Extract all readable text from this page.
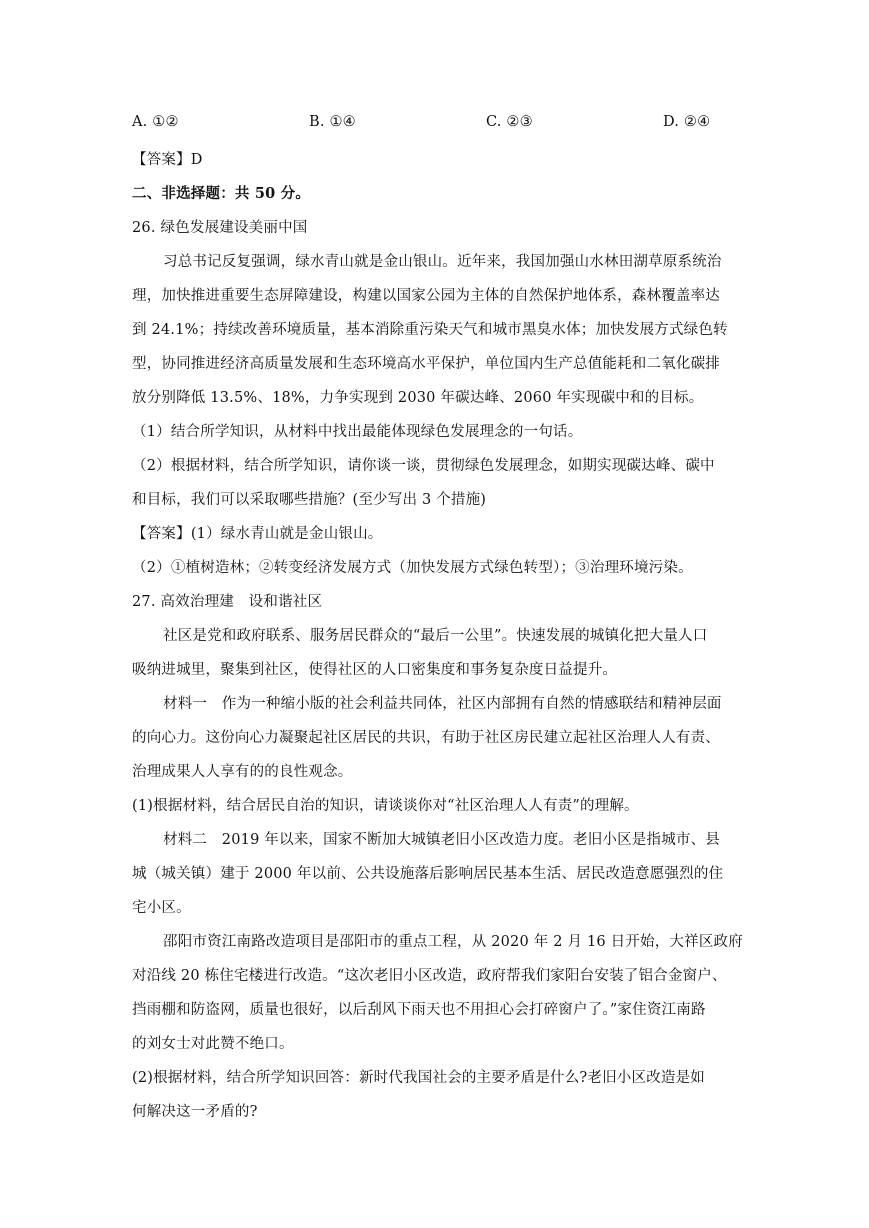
A. ①②	B. ①④	C. ②③	D. ②④
【答案】D
二、非选择题：共 50 分。
26. 绿色发展建设美丽中国
习总书记反复强调，绿水青山就是金山银山。近年来，我国加强山水林田湖草原系统治
理，加快推进重要生态屏障建设，构建以国家公园为主体的自然保护地体系，森林覆盖率达
到 24.1%；持续改善环境质量，基本消除重污染天气和城市黑臭水体；加快发展方式绿色转
型，协同推进经济高质量发展和生态环境高水平保护，单位国内生产总值能耗和二氧化碳排
放分别降低 13.5%、18%，力争实现到 2030 年碳达峰、2060 年实现碳中和的目标。
（1）结合所学知识，从材料中找出最能体现绿色发展理念的一句话。
（2）根据材料，结合所学知识，请你谈一谈，贯彻绿色发展理念，如期实现碳达峰、碳中
和目标，我们可以采取哪些措施？(至少写出 3 个措施)
【答案】(1）绿水青山就是金山银山。
（2）①植树造林；②转变经济发展方式（加快发展方式绿色转型）；③治理环境污染。
27. 高效治理建　设和谐社区
社区是党和政府联系、服务居民群众的“最后一公里”。快速发展的城镇化把大量人口
吸纳进城里，聚集到社区，使得社区的人口密集度和事务复杂度日益提升。
材料一　作为一种缩小版的社会利益共同体，社区内部拥有自然的情感联结和精神层面
的向心力。这份向心力凝聚起社区居民的共识，有助于社区房民建立起社区治理人人有责、
治理成果人人享有的的良性观念。
(1)根据材料，结合居民自治的知识，请谈谈你对“社区治理人人有责”的理解。
材料二　2019 年以来，国家不断加大城镇老旧小区改造力度。老旧小区是指城市、县
城（城关镇）建于 2000 年以前、公共设施落后影响居民基本生活、居民改造意愿强烈的住
宅小区。
邵阳市资江南路改造项目是邵阳市的重点工程，从 2020 年 2 月 16 日开始，大祥区政府
对沿线 20 栋住宅楼进行改造。“这次老旧小区改造，政府帮我们家阳台安装了铝合金窗户、
挡雨棚和防盗网，质量也很好，以后刮风下雨天也不用担心会打碎窗户了。”家住资江南路
的刘女士对此赞不绝口。
(2)根据材料，结合所学知识回答：新时代我国社会的主要矛盾是什么?老旧小区改造是如
何解决这一矛盾的?
